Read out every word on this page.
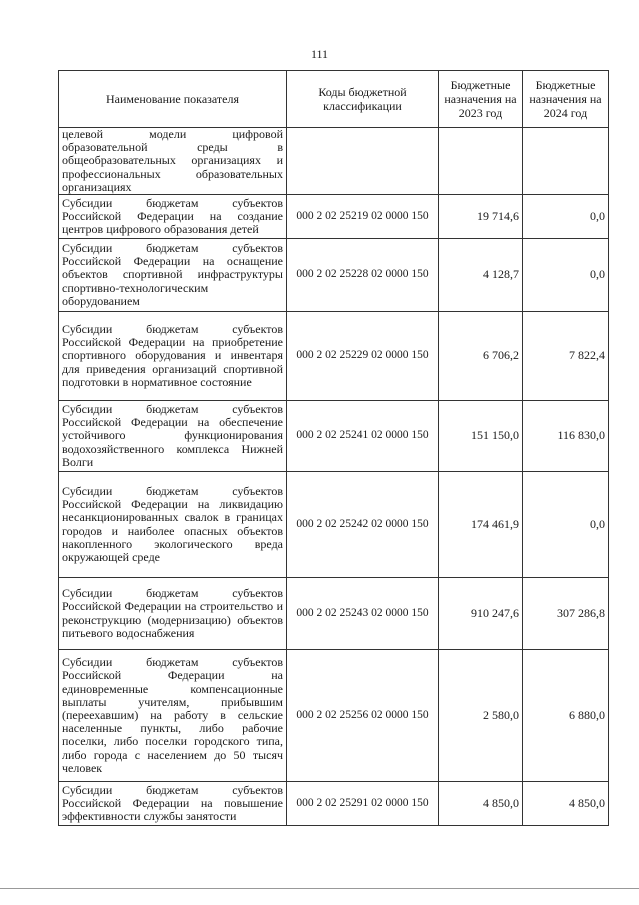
111
Наименование показателя	Коды бюджетной классификации	Бюджетные назначения на 2023 год	Бюджетные назначения на 2024 год
целевой модели цифровой образовательной среды в общеобразовательных организациях и профессиональных образовательных организациях			
Субсидии бюджетам субъектов Российской Федерации на создание центров цифрового образования детей	000 2 02 25219 02 0000 150	19 714,6	0,0
Субсидии бюджетам субъектов Российской Федерации на оснащение объектов спортивной инфраструктуры спортивно-технологическим оборудованием	000 2 02 25228 02 0000 150	4 128,7	0,0
Субсидии бюджетам субъектов Российской Федерации на приобретение спортивного оборудования и инвентаря для приведения организаций спортивной подготовки в нормативное состояние	000 2 02 25229 02 0000 150	6 706,2	7 822,4
Субсидии бюджетам субъектов Российской Федерации на обеспечение устойчивого функционирования водохозяйственного комплекса Нижней Волги	000 2 02 25241 02 0000 150	151 150,0	116 830,0
Субсидии бюджетам субъектов Российской Федерации на ликвидацию несанкционированных свалок в границах городов и наиболее опасных объектов накопленного экологического вреда окружающей среде	000 2 02 25242 02 0000 150	174 461,9	0,0
Субсидии бюджетам субъектов Российской Федерации на строительство и реконструкцию (модернизацию) объектов питьевого водоснабжения	000 2 02 25243 02 0000 150	910 247,6	307 286,8
Субсидии бюджетам субъектов Российской Федерации на единовременные компенсационные выплаты учителям, прибывшим (переехавшим) на работу в сельские населенные пункты, либо рабочие поселки, либо поселки городского типа, либо города с населением до 50 тысяч человек	000 2 02 25256 02 0000 150	2 580,0	6 880,0
Субсидии бюджетам субъектов Российской Федерации на повышение эффективности службы занятости	000 2 02 25291 02 0000 150	4 850,0	4 850,0
